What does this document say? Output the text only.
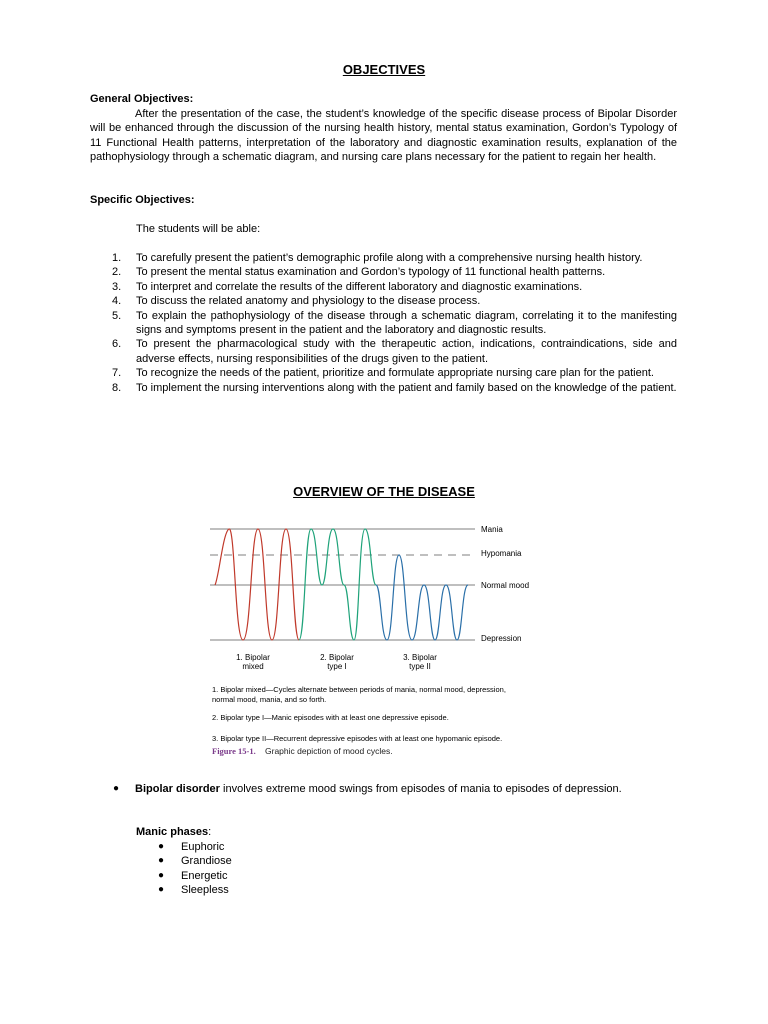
OBJECTIVES
General Objectives:
After the presentation of the case, the student’s knowledge of the specific disease process of Bipolar Disorder will be enhanced through the discussion of the nursing health history, mental status examination, Gordon’s Typology of 11 Functional Health patterns, interpretation of the laboratory and diagnostic examination results, explanation of the pathophysiology through a schematic diagram, and nursing care plans necessary for the patient to regain her health.
Specific Objectives:
The students will be able:
1. To carefully present the patient’s demographic profile along with a comprehensive nursing health history.
2. To present the mental status examination and Gordon’s typology of 11 functional health patterns.
3. To interpret and correlate the results of the different laboratory and diagnostic examinations.
4. To discuss the related anatomy and physiology to the disease process.
5. To explain the pathophysiology of the disease through a schematic diagram, correlating it to the manifesting signs and symptoms present in the patient and the laboratory and diagnostic results.
6. To present the pharmacological study with the therapeutic action, indications, contraindications, side and adverse effects, nursing responsibilities of the drugs given to the patient.
7. To recognize the needs of the patient, prioritize and formulate appropriate nursing care plan for the patient.
8. To implement the nursing interventions along with the patient and family based on the knowledge of the patient.
OVERVIEW OF THE DISEASE
Mania
Hypomania
Normal mood
Depression
1. Bipolar
mixed
2. Bipolar
type I
3. Bipolar
type II
1. Bipolar mixed—Cycles alternate between periods of mania, normal mood, depression,
normal mood, mania, and so forth.
2. Bipolar type I—Manic episodes with at least one depressive episode.
3. Bipolar type II—Recurrent depressive episodes with at least one hypomanic episode.
Figure 15-1. Graphic depiction of mood cycles.
● Bipolar disorder involves extreme mood swings from episodes of mania to episodes of depression.
Manic phases:
● Euphoric
● Grandiose
● Energetic
● Sleepless
